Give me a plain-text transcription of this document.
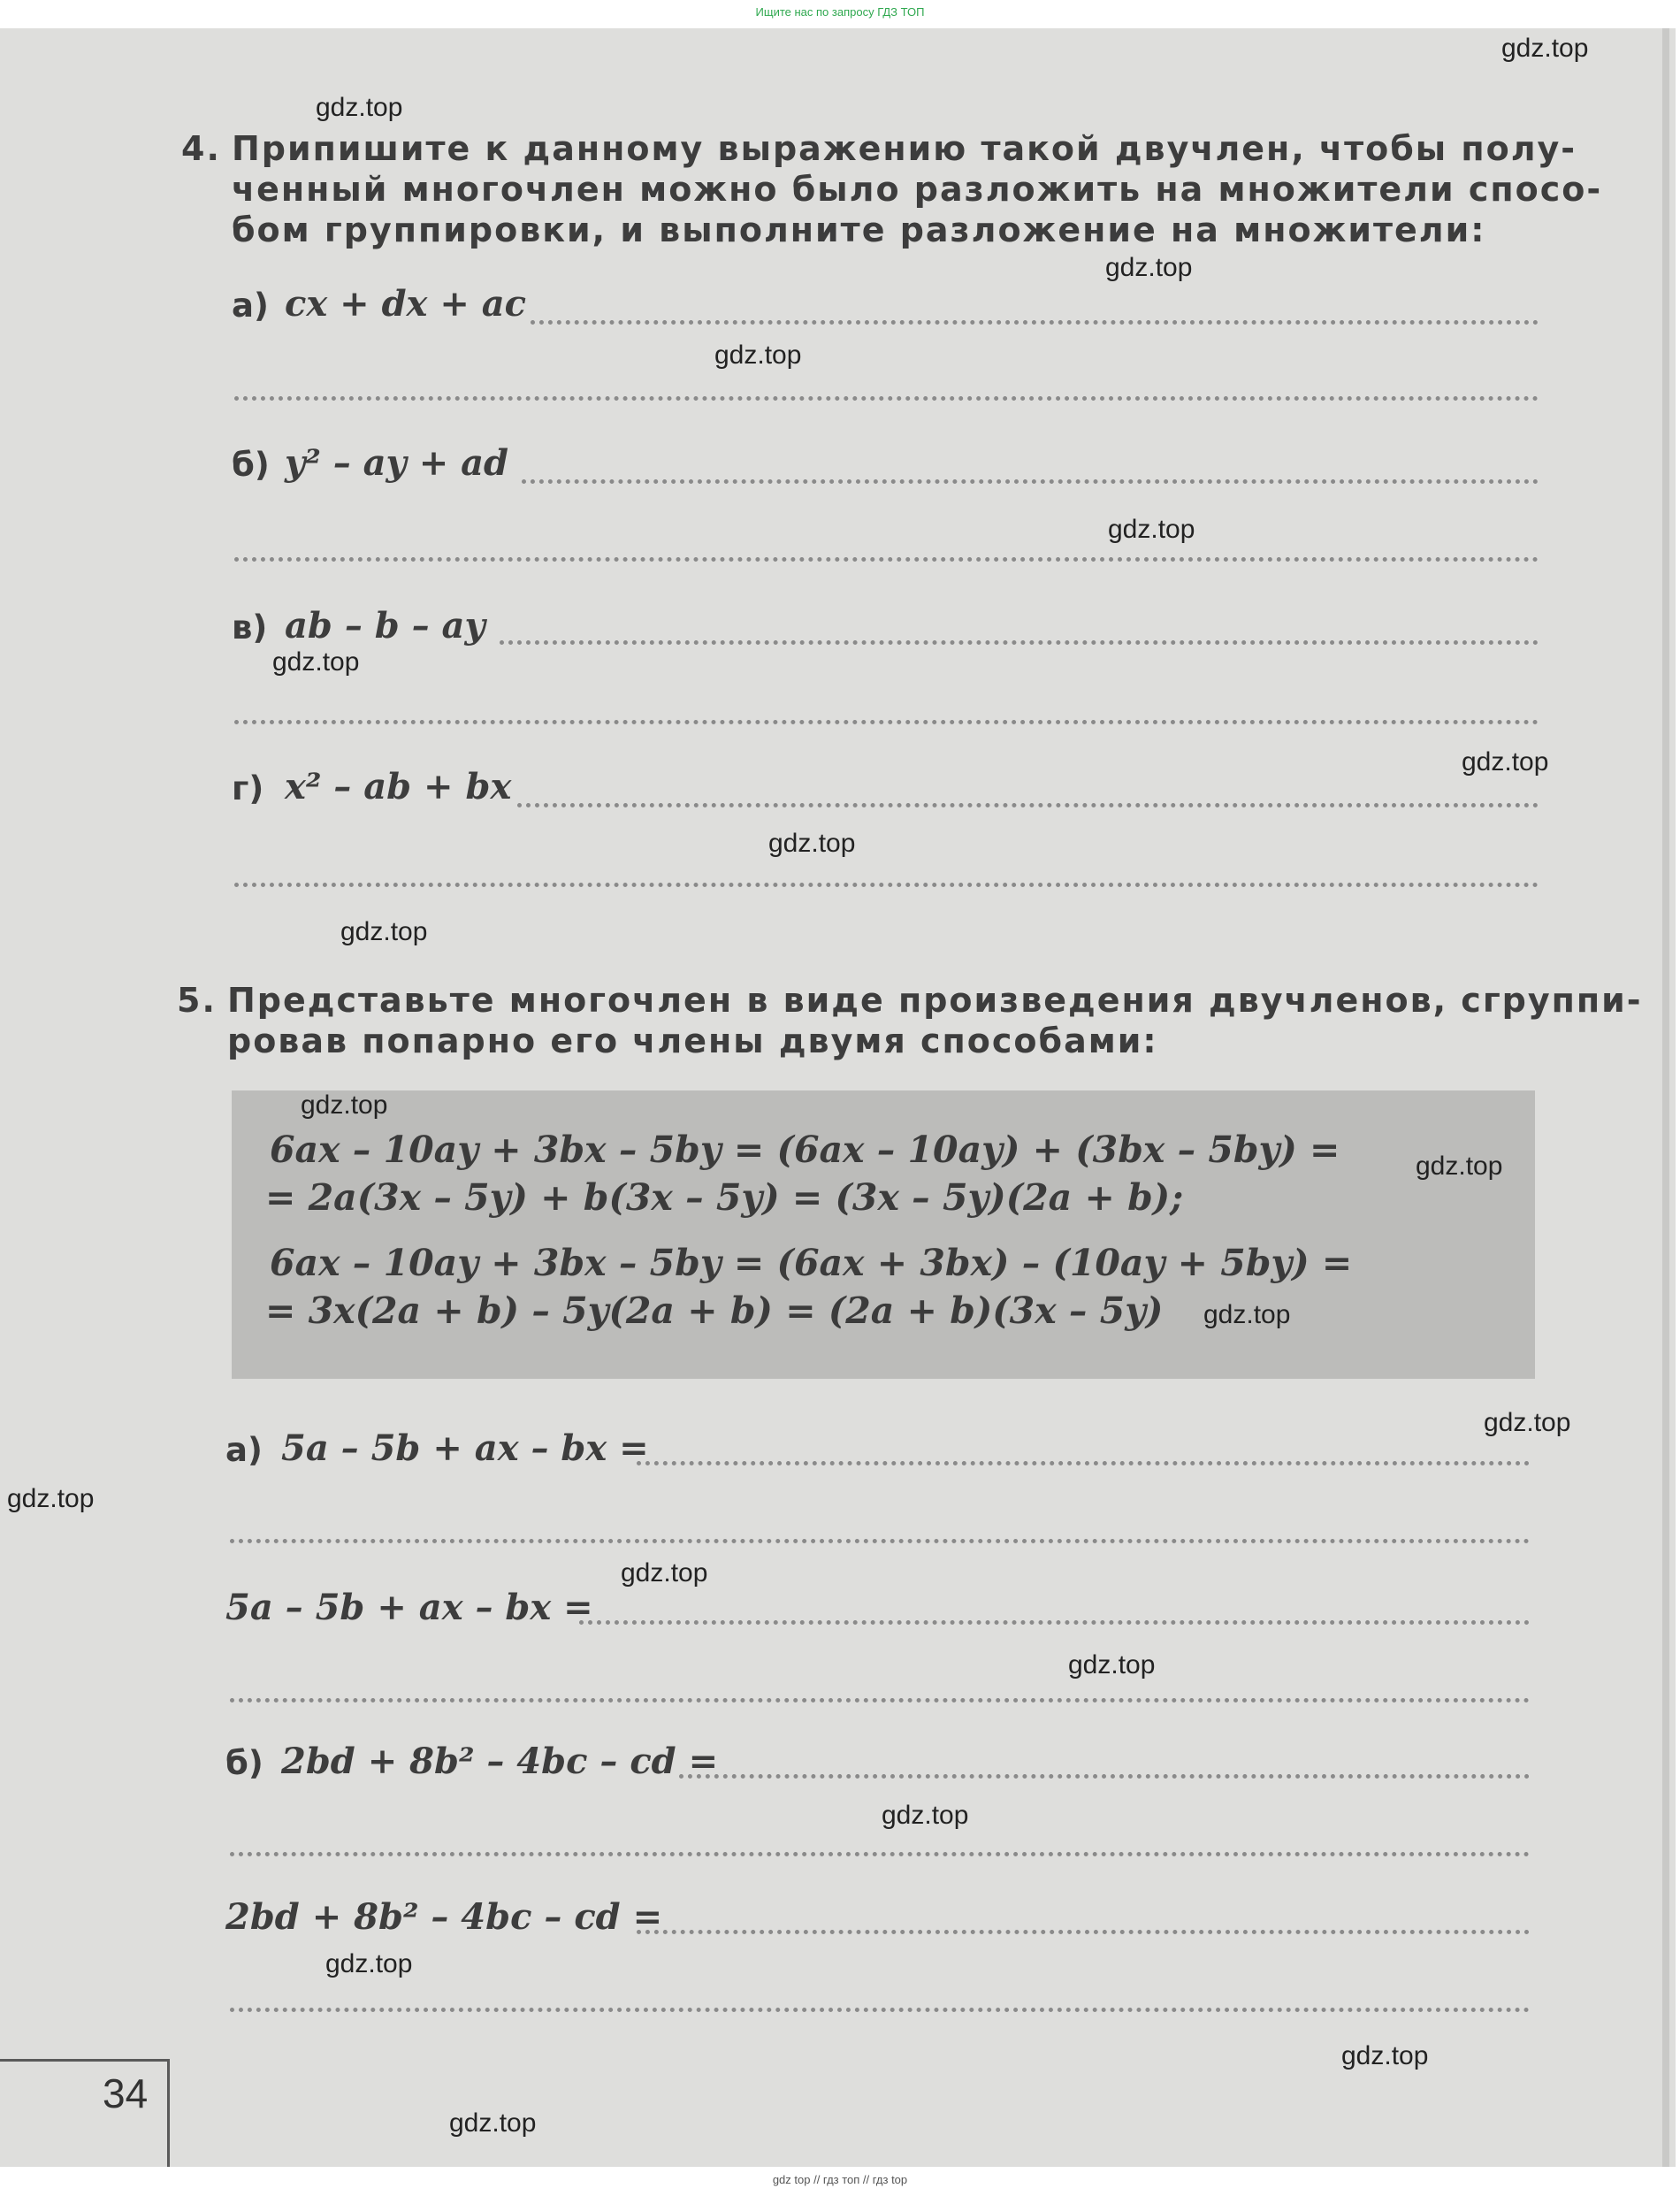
Ищите нас по запросу ГДЗ ТОП
4. Припишите к данному выражению такой двучлен, чтобы полу-
ченный многочлен можно было разложить на множители спосо-
бом группировки, и выполните разложение на множители:
а) cx + dx + ac
б) y² – ay + ad
в) ab – b – ay
г) x² – ab + bx
5. Представьте многочлен в виде произведения двучленов, сгруппи-
ровав попарно его члены двумя способами:
6ax – 10ay + 3bx – 5by = (6ax – 10ay) + (3bx – 5by) =
= 2a(3x – 5y) + b(3x – 5y) = (3x – 5y)(2a + b);
6ax – 10ay + 3bx – 5by = (6ax + 3bx) – (10ay + 5by) =
= 3x(2a + b) – 5y(2a + b) = (2a + b)(3x – 5y)
а) 5a – 5b + ax – bx =
5a – 5b + ax – bx =
б) 2bd + 8b² – 4bc – cd =
2bd + 8b² – 4bc – cd =
34
gdz.top
gdz.top
gdz.top
gdz.top
gdz.top
gdz.top
gdz.top
gdz.top
gdz.top
gdz.top
gdz.top
gdz.top
gdz.top
gdz.top
gdz.top
gdz.top
gdz.top
gdz.top
gdz.top
gdz.top
gdz top // гдз топ // гдз top
